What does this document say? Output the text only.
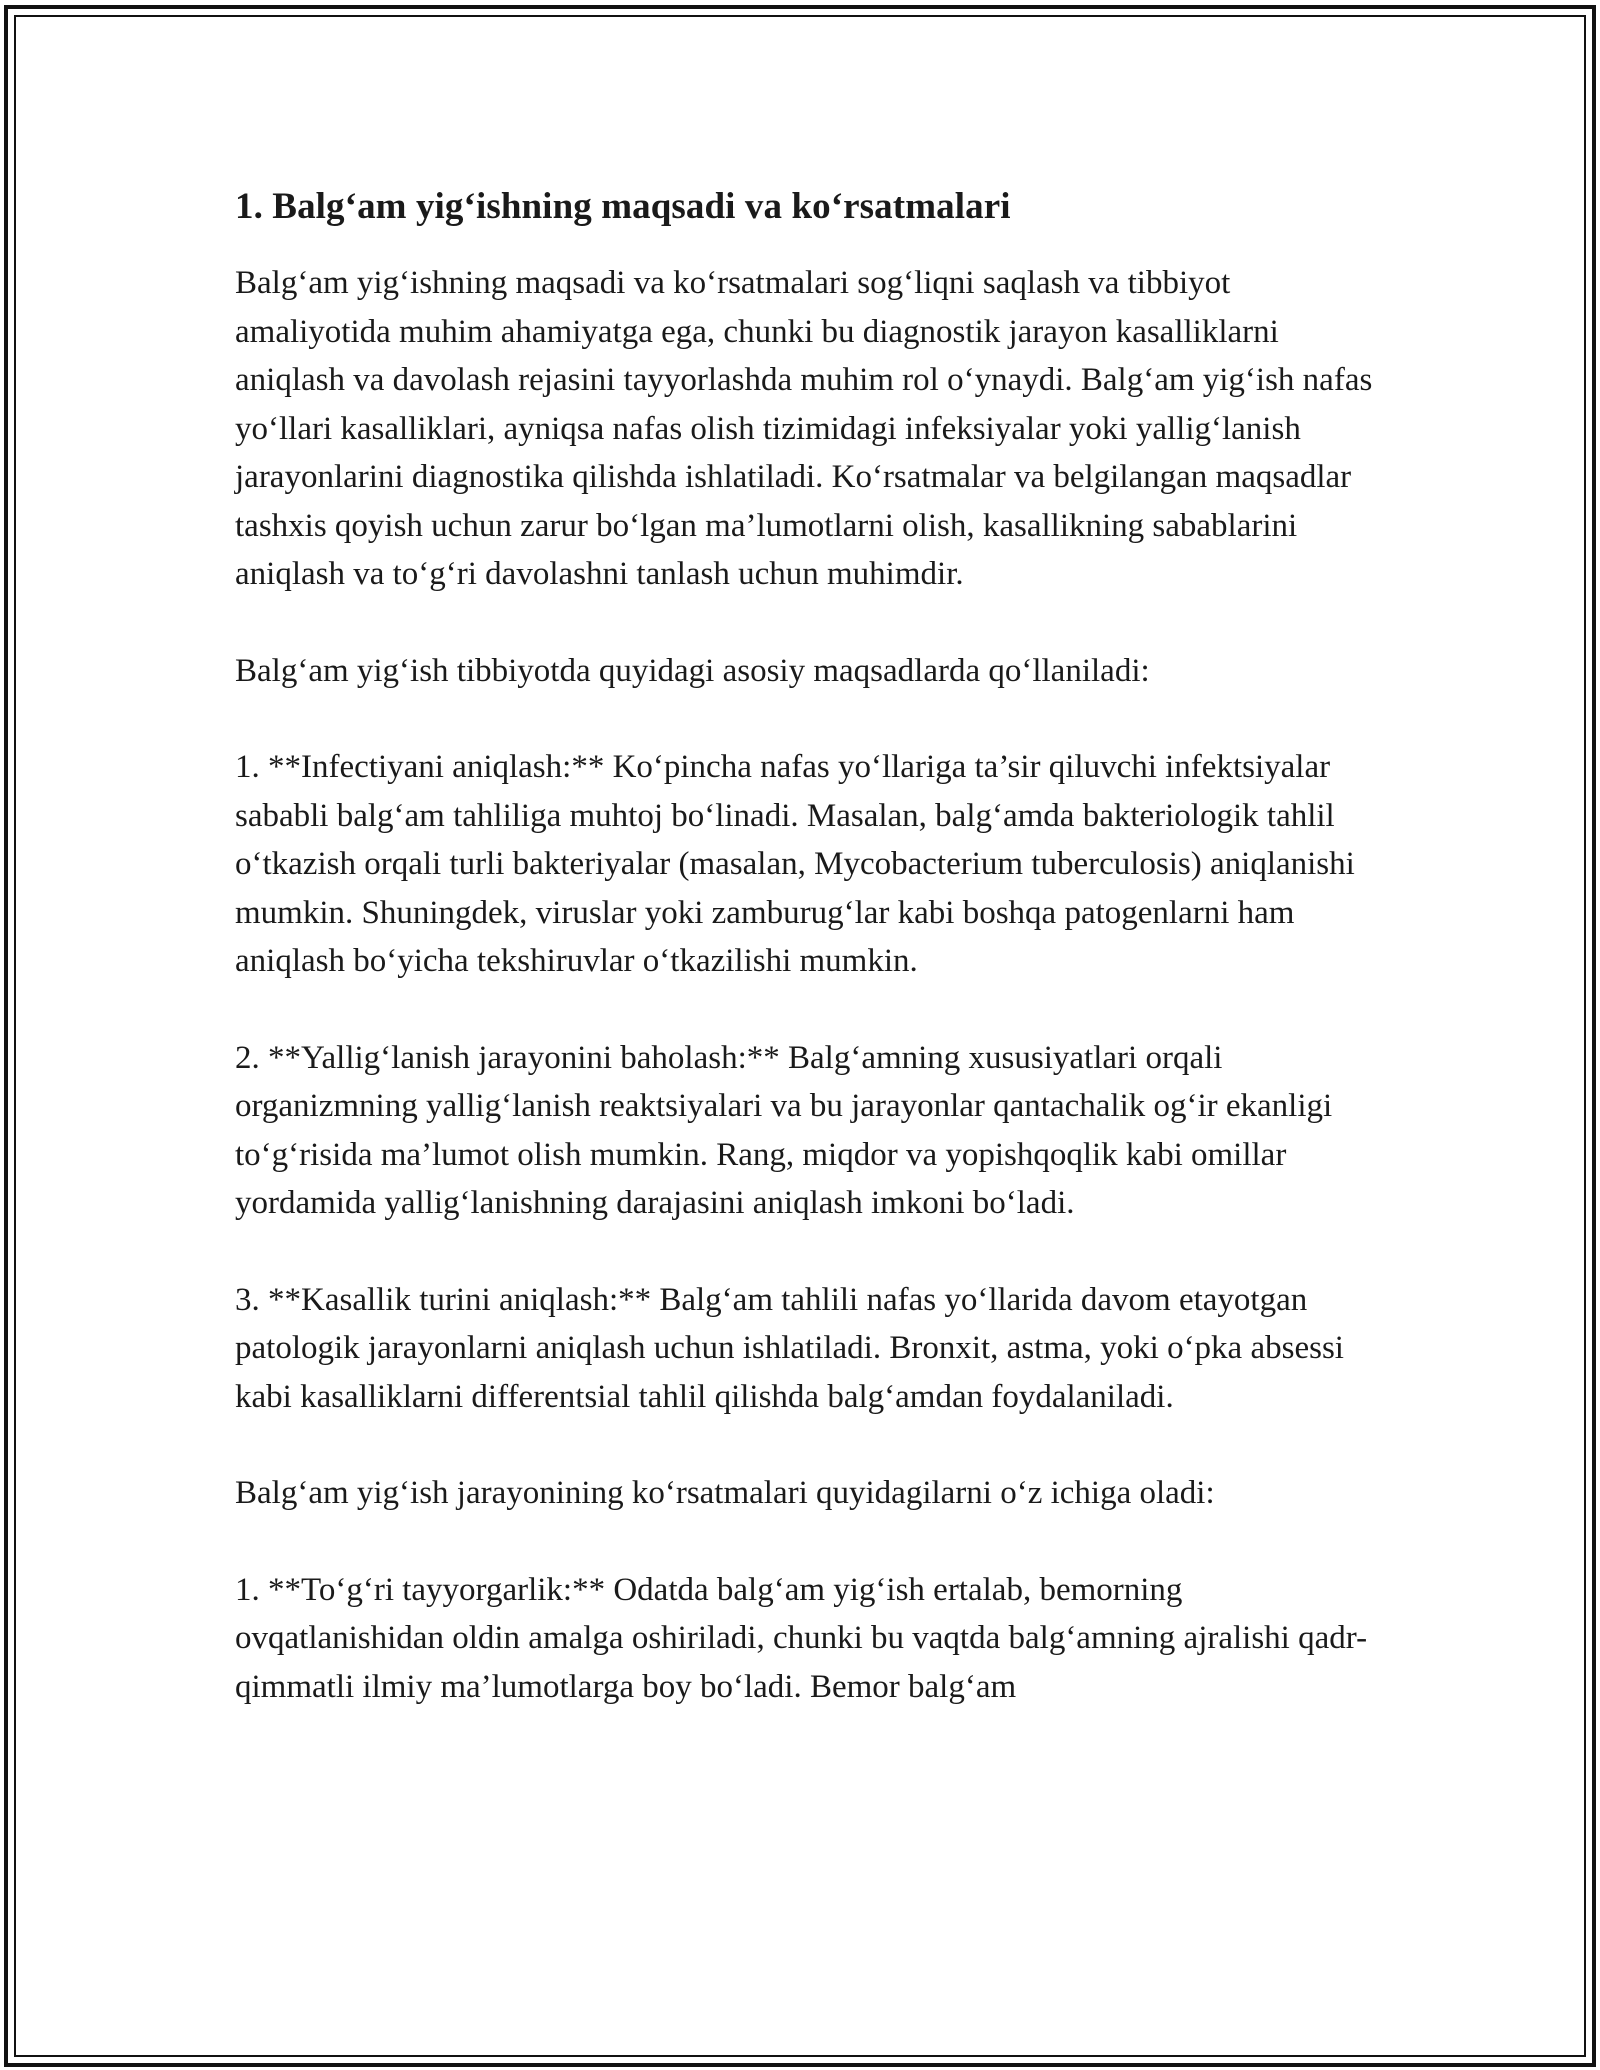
1. Balg‘am yig‘ishning maqsadi va ko‘rsatmalari

Balg‘am yig‘ishning maqsadi va ko‘rsatmalari sog‘liqni saqlash va tibbiyot amaliyotida muhim ahamiyatga ega, chunki bu diagnostik jarayon kasalliklarni aniqlash va davolash rejasini tayyorlashda muhim rol o‘ynaydi. Balg‘am yig‘ish nafas yo‘llari kasalliklari, ayniqsa nafas olish tizimidagi infeksiyalar yoki yallig‘lanish jarayonlarini diagnostika qilishda ishlatiladi. Ko‘rsatmalar va belgilangan maqsadlar tashxis qoyish uchun zarur bo‘lgan ma’lumotlarni olish, kasallikning sabablarini aniqlash va to‘g‘ri davolashni tanlash uchun muhimdir.

Balg‘am yig‘ish tibbiyotda quyidagi asosiy maqsadlarda qo‘llaniladi:

1. **Infectiyani aniqlash:** Ko‘pincha nafas yo‘llariga ta’sir qiluvchi infektsiyalar sababli balg‘am tahliliga muhtoj bo‘linadi. Masalan, balg‘amda bakteriologik tahlil o‘tkazish orqali turli bakteriyalar (masalan, Mycobacterium tuberculosis) aniqlanishi mumkin. Shuningdek, viruslar yoki zamburug‘lar kabi boshqa patogenlarni ham aniqlash bo‘yicha tekshiruvlar o‘tkazilishi mumkin.

2. **Yallig‘lanish jarayonini baholash:** Balg‘amning xususiyatlari orqali organizmning yallig‘lanish reaktsiyalari va bu jarayonlar qantachalik og‘ir ekanligi to‘g‘risida ma’lumot olish mumkin. Rang, miqdor va yopishqoqlik kabi omillar yordamida yallig‘lanishning darajasini aniqlash imkoni bo‘ladi.

3. **Kasallik turini aniqlash:** Balg‘am tahlili nafas yo‘llarida davom etayotgan patologik jarayonlarni aniqlash uchun ishlatiladi. Bronxit, astma, yoki o‘pka absessi kabi kasalliklarni differentsial tahlil qilishda balg‘amdan foydalaniladi.

Balg‘am yig‘ish jarayonining ko‘rsatmalari quyidagilarni o‘z ichiga oladi:

1. **To‘g‘ri tayyorgarlik:** Odatda balg‘am yig‘ish ertalab, bemorning ovqatlanishidan oldin amalga oshiriladi, chunki bu vaqtda balg‘amning ajralishi qadr-qimmatli ilmiy ma’lumotlarga boy bo‘ladi. Bemor balg‘am
